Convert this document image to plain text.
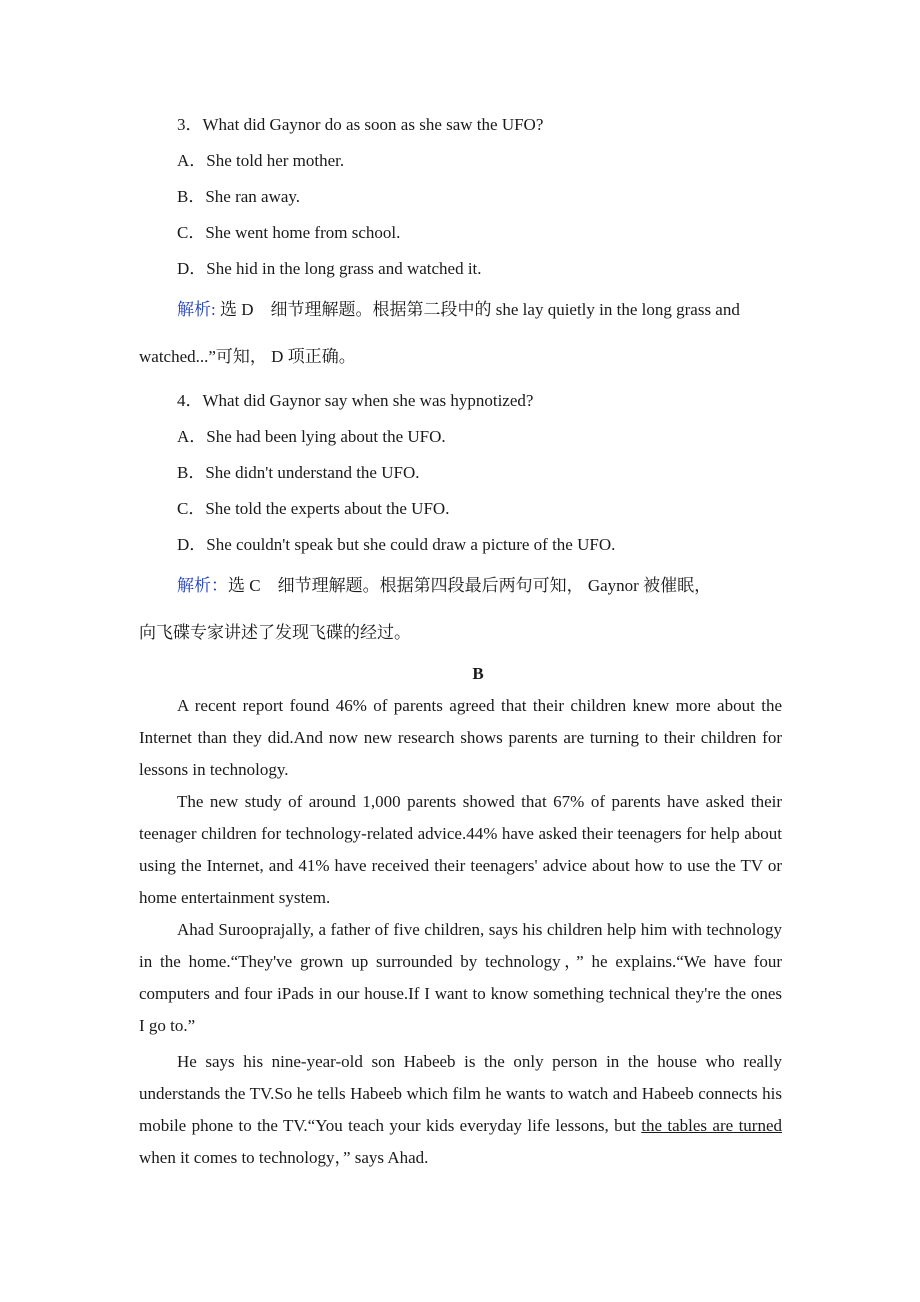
3．What did Gaynor do as soon as she saw the UFO?
A．She told her mother.
B．She ran away.
C．She went home from school.
D．She hid in the long grass and watched it.
解析: 选 D　细节理解题。根据第二段中的 she lay quietly in the long grass and
watched...”可知， D 项正确。
4．What did Gaynor say when she was hypnotized?
A．She had been lying about the UFO.
B．She didn't understand the UFO.
C．She told the experts about the UFO.
D．She couldn't speak but she could draw a picture of the UFO.
解析：选 C　细节理解题。根据第四段最后两句可知， Gaynor 被催眠，
向飞碟专家讲述了发现飞碟的经过。
B
A recent report found 46% of parents agreed that their children knew more about the Internet than they did.And now new research shows parents are turning to their children for lessons in technology.
The new study of around 1,000 parents showed that 67% of parents have asked their teenager children for technology-related advice.44% have asked their teenagers for help about using the Internet, and 41% have received their teenagers' advice about how to use the TV or home entertainment system.
Ahad Surooprajally, a father of five children, says his children help him with technology in the home.“They've grown up surrounded by technology，” he explains.“We have four computers and four iPads in our house.If I want to know something technical they're the ones I go to.”
He says his nine-year-old son Habeeb is the only person in the house who really understands the TV.So he tells Habeeb which film he wants to watch and Habeeb connects his mobile phone to the TV.“You teach your kids everyday life lessons, but the tables are turned when it comes to technology，” says Ahad.
